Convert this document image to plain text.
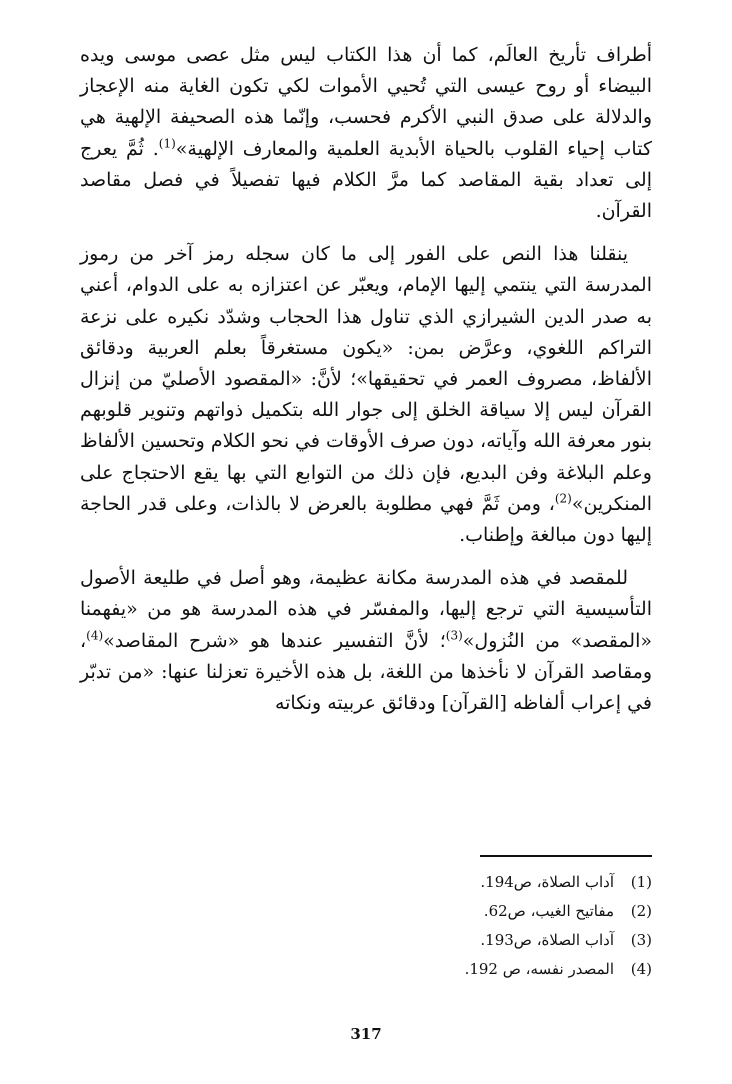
أطراف تأريخ العالَم، كما أن هذا الكتاب ليس مثل عصى موسى ويده البيضاء أو روح عيسى التي تُحيي الأموات لكي تكون الغاية منه الإعجاز والدلالة على صدق النبي الأكرم فحسب، وإنّما هذه الصحيفة الإلهية هي كتاب إحياء القلوب بالحياة الأبدية العلمية والمعارف الإلهية»$^{(1)}$. ثُمَّ يعرج إلى تعداد بقية المقاصد كما مرَّ الكلام فيها تفصيلاً في فصل مقاصد القرآن.

ينقلنا هذا النص على الفور إلى ما كان سجله رمز آخر من رموز المدرسة التي ينتمي إليها الإمام، ويعبّر عن اعتزازه به على الدوام، أعني به صدر الدين الشيرازي الذي تناول هذا الحجاب وشدّد نكيره على نزعة التراكم اللغوي، وعرَّض بمن: «يكون مستغرقاً بعلم العربية ودقائق الألفاظ، مصروف العمر في تحقيقها»؛ لأنَّ: «المقصود الأصليّ من إنزال القرآن ليس إلا سياقة الخلق إلى جوار الله بتكميل ذواتهم وتنوير قلوبهم بنور معرفة الله وآياته، دون صرف الأوقات في نحو الكلام وتحسين الألفاظ وعلم البلاغة وفن البديع، فإن ذلك من التوابع التي بها يقع الاحتجاج على المنكرين»$^{(2)}$، ومن ثَمَّ فهي مطلوبة بالعرض لا بالذات، وعلى قدر الحاجة إليها دون مبالغة وإطناب.

للمقصد في هذه المدرسة مكانة عظيمة، وهو أصل في طليعة الأصول التأسيسية التي ترجع إليها، والمفسّر في هذه المدرسة هو من «يفهمنا «المقصد» من النُزول»$^{(3)}$؛ لأنَّ التفسير عندها هو «شرح المقاصد»$^{(4)}$، ومقاصد القرآن لا نأخذها من اللغة، بل هذه الأخيرة تعزلنا عنها: «من تدبّر في إعراب ألفاظه [القرآن] ودقائق عربيته ونكاته

(1)
آداب الصلاة، ص194.
(2)
مفاتيح الغيب، ص62.
(3)
آداب الصلاة، ص193.
(4)
المصدر نفسه، ص 192.
317
